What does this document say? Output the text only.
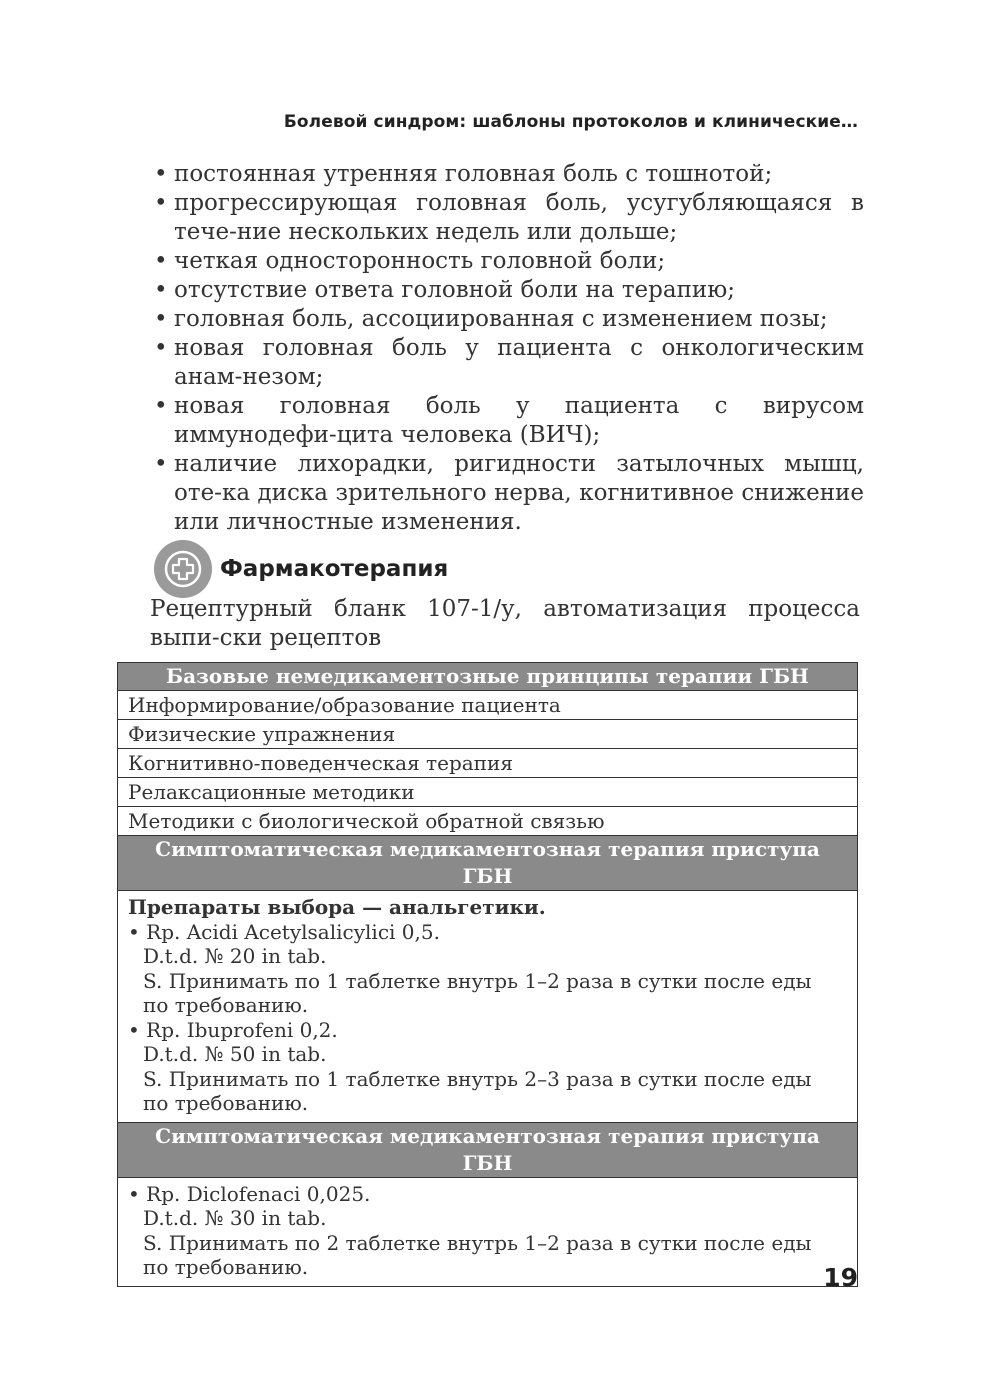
Болевой синдром: шаблоны протоколов и клинические…
• постоянная утренняя головная боль с тошнотой;
• прогрессирующая головная боль, усугубляющаяся в тече-ние нескольких недель или дольше;
• четкая односторонность головной боли;
• отсутствие ответа головной боли на терапию;
• головная боль, ассоциированная с изменением позы;
• новая головная боль у пациента с онкологическим анам-незом;
• новая головная боль у пациента с вирусом иммунодефи-цита человека (ВИЧ);
• наличие лихорадки, ригидности затылочных мышц, оте-ка диска зрительного нерва, когнитивное снижение или личностные изменения.
Фармакотерапия

Рецептурный бланк 107-1/у, автоматизация процесса выпи-ски рецептов

Базовые немедикаментозные принципы терапии ГБН
Информирование/образование пациента
Физические упражнения
Когнитивно-поведенческая терапия
Релаксационные методики
Методики с биологической обратной связью
Симптоматическая медикаментозная терапия приступа ГБН

Препараты выбора — анальгетики.
• Rp. Acidi Acetylsalicylici 0,5.
D.t.d. № 20 in tab.
S. Принимать по 1 таблетке внутрь 1–2 раза в сутки после еды
по требованию.
• Rp. Ibuprofeni 0,2.
D.t.d. № 50 in tab.
S. Принимать по 1 таблетке внутрь 2–3 раза в сутки после еды
по требованию.

Симптоматическая медикаментозная терапия приступа ГБН

• Rp. Diclofenaci 0,025.
D.t.d. № 30 in tab.
S. Принимать по 2 таблетке внутрь 1–2 раза в сутки после еды
по требованию.	19
